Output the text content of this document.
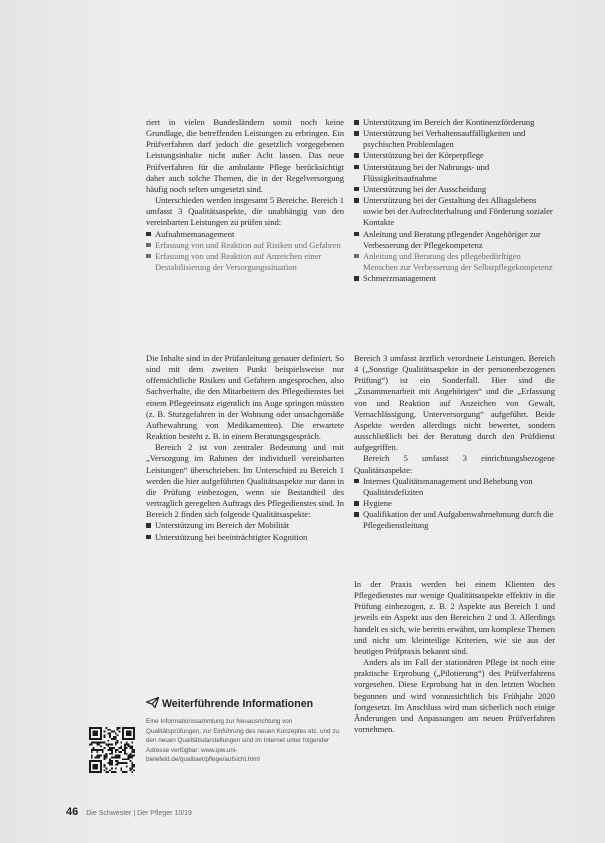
riert in vielen Bundesländern somit noch keine Grundlage, die betreffenden Leistungen zu erbringen. Ein Prüfverfahren darf jedoch die gesetzlich vorgegebenen Leistungsinhalte nicht außer Acht lassen. Das neue Prüfverfahren für die ambulante Pflege berücksichtigt daher auch solche Themen, die in der Regelversorgung häufig noch selten umgesetzt sind.

Unterschieden werden insgesamt 5 Bereiche. Bereich 1 umfasst 3 Qualitätsaspekte, die unabhängig von den vereinbarten Leistungen zu prüfen sind:

Aufnahmemanagement
Erfassung von und Reaktion auf Risiken und Gefahren
Erfassung von und Reaktion auf Anzeichen einer Destabilisierung der Versorgungssituation

Die Inhalte sind in der Prüfanleitung genauer definiert. So sind mit dem zweiten Punkt beispielsweise nur offensichtliche Risiken und Gefahren angesprochen, also Sachverhalte, die den Mitarbeitern des Pflegedienstes bei einem Pflegeeinsatz eigentlich ins Auge springen müssten (z. B. Sturzgefahren in der Wohnung oder unsachgemäße Aufbewahrung von Medikamenten). Die erwartete Reaktion besteht z. B. in einem Beratungsgespräch.

Bereich 2 ist von zentraler Bedeutung und mit „Versorgung im Rahmen der individuell vereinbarten Leistungen“ überschrieben. Im Unterschied zu Bereich 1 werden die hier aufgeführten Qualitätsaspekte nur dann in die Prüfung einbezogen, wenn sie Bestandteil des vertraglich geregelten Auftrags des Pflegedienstes sind. In Bereich 2 finden sich folgende Qualitätsaspekte:

Unterstützung im Bereich der Mobilität
Unterstützung bei beeinträchtigter Kognition
Unterstützung im Bereich der Kontinenzförderung
Unterstützung bei Verhaltensauffälligkeiten und psychischen Problemlagen
Unterstützung bei der Körperpflege
Unterstützung bei der Nahrungs- und Flüssigkeitsaufnahme
Unterstützung bei der Ausscheidung
Unterstützung bei der Gestaltung des Alltagslebens sowie bei der Aufrechterhaltung und Förderung sozialer Kontakte
Anleitung und Beratung pflegender Angehöriger zur Verbesserung der Pflegekompetenz
Anleitung und Beratung des pflegebedürftigen Menschen zur Verbesserung der Selbstpflegekompetenz
Schmerzmanagement

Bereich 3 umfasst ärztlich verordnete Leistungen. Bereich 4 („Sonstige Qualitätsaspekte in der personenbezogenen Prüfung“) ist ein Sonderfall. Hier sind die „Zusammenarbeit mit Angehörigen“ und die „Erfassung von und Reaktion auf Anzeichen von Gewalt, Vernachlässigung, Unterversorgung“ aufgeführt. Beide Aspekte werden allerdings nicht bewertet, sondern ausschließlich bei der Beratung durch den Prüfdienst aufgegriffen.

Bereich 5 umfasst 3 einrichtungsbezogene Qualitätsaspekte:

Internes Qualitätsmanagement und Behebung von Qualitätsdefiziten
Hygiene
Qualifikation der und Aufgabenwahrnehmung durch die Pflegedienstleitung

In der Praxis werden bei einem Klienten des Pflegedienstes nur wenige Qualitätsaspekte effektiv in die Prüfung einbezogen, z. B. 2 Aspekte aus Bereich 1 und jeweils ein Aspekt aus den Bereichen 2 und 3. Allerdings handelt es sich, wie bereits erwähnt, um komplexe Themen und nicht um kleinteilige Kriterien, wie sie aus der heutigen Prüfpraxis bekannt sind.

Anders als im Fall der stationären Pflege ist noch eine praktische Erprobung („Pilotierung“) des Prüfverfahrens vorgesehen. Diese Erprobung hat in den letzten Wochen begonnen und wird voraussichtlich bis Frühjahr 2020 fortgesetzt. Im Anschluss wird man sicherlich noch einige Änderungen und Anpassungen am neuen Prüfverfahren vornehmen.

Weiterführende Informationen
Eine Informationssammlung zur Neuausrichtung von Qualitätsprüfungen, zur Einführung des neuen Konzeptes etc. und zu den neuen Qualitätsdarstellungen sind im Internet unter folgender Adresse verfügbar: www.ipw.uni-bielefeld.de/qualitaet/pflege/aufsicht.html
46 Die Schwester | Der Pfleger 10/19
